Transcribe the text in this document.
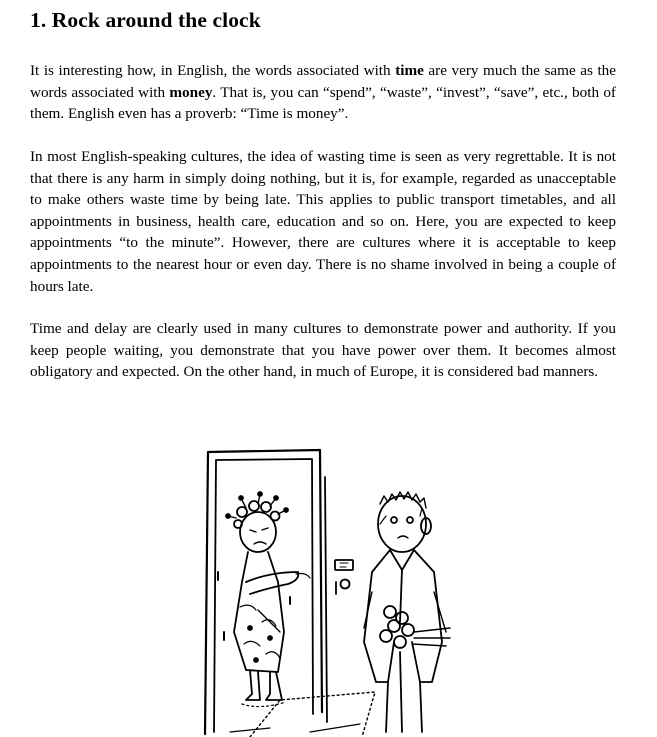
1. Rock around the clock

It is interesting how, in English, the words associated with time are very much the same as the words associated with money. That is, you can “spend”, “waste”, “invest”, “save”, etc., both of them. English even has a proverb: “Time is money”.

In most English-speaking cultures, the idea of wasting time is seen as very regrettable. It is not that there is any harm in simply doing nothing, but it is, for example, regarded as unacceptable to make others waste time by being late. This applies to public transport timetables, and all appointments in business, health care, education and so on. Here, you are expected to keep appointments “to the minute”. However, there are cultures where it is acceptable to keep appointments to the nearest hour or even day. There is no shame involved in being a couple of hours late.

Time and delay are clearly used in many cultures to demonstrate power and authority. If you keep people waiting, you demonstrate that you have power over them. It becomes almost obligatory and expected. On the other hand, in much of Europe, it is considered bad manners.
